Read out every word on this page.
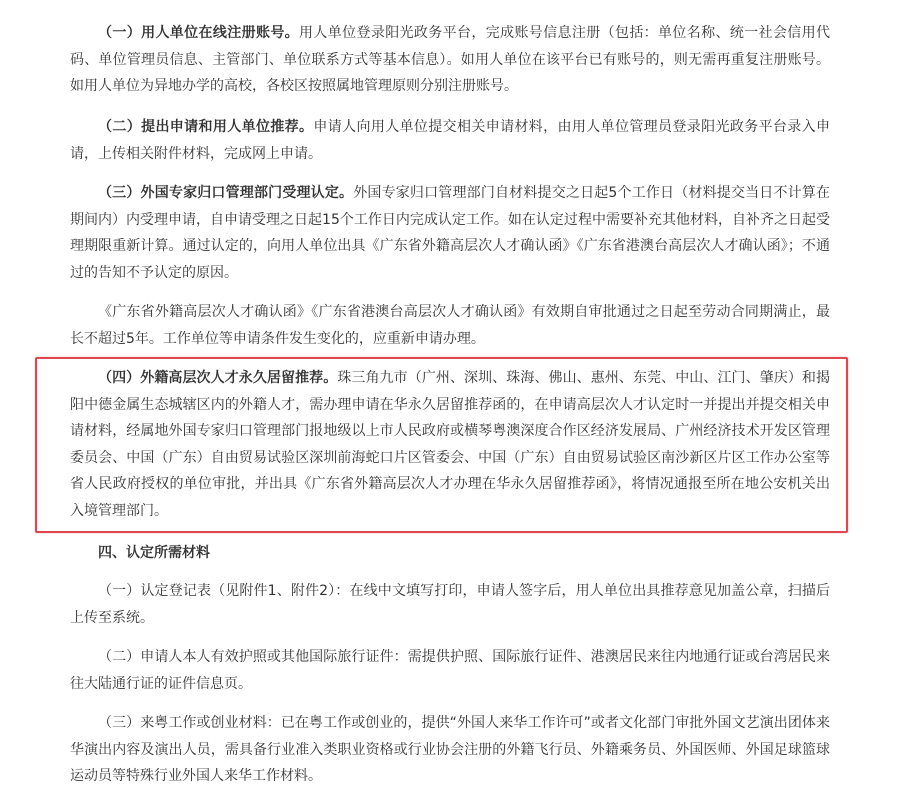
（一）用人单位在线注册账号。用人单位登录阳光政务平台，完成账号信息注册（包括：单位名称、统一社会信用代码、单位管理员信息、主管部门、单位联系方式等基本信息）。如用人单位在该平台已有账号的，则无需再重复注册账号。如用人单位为异地办学的高校，各校区按照属地管理原则分别注册账号。

（二）提出申请和用人单位推荐。申请人向用人单位提交相关申请材料，由用人单位管理员登录阳光政务平台录入申请，上传相关附件材料，完成网上申请。

（三）外国专家归口管理部门受理认定。外国专家归口管理部门自材料提交之日起5个工作日（材料提交当日不计算在期间内）内受理申请，自申请受理之日起15个工作日内完成认定工作。如在认定过程中需要补充其他材料，自补齐之日起受理期限重新计算。通过认定的，向用人单位出具《广东省外籍高层次人才确认函》《广东省港澳台高层次人才确认函》；不通过的告知不予认定的原因。

《广东省外籍高层次人才确认函》《广东省港澳台高层次人才确认函》有效期自审批通过之日起至劳动合同期满止，最长不超过5年。工作单位等申请条件发生变化的，应重新申请办理。

（四）外籍高层次人才永久居留推荐。珠三角九市（广州、深圳、珠海、佛山、惠州、东莞、中山、江门、肇庆）和揭阳中德金属生态城辖区内的外籍人才，需办理申请在华永久居留推荐函的，在申请高层次人才认定时一并提出并提交相关申请材料，经属地外国专家归口管理部门报地级以上市人民政府或横琴粤澳深度合作区经济发展局、广州经济技术开发区管理委员会、中国（广东）自由贸易试验区深圳前海蛇口片区管委会、中国（广东）自由贸易试验区南沙新区片区工作办公室等省人民政府授权的单位审批，并出具《广东省外籍高层次人才办理在华永久居留推荐函》，将情况通报至所在地公安机关出入境管理部门。

四、认定所需材料

（一）认定登记表（见附件1、附件2）：在线中文填写打印，申请人签字后，用人单位出具推荐意见加盖公章，扫描后上传至系统。

（二）申请人本人有效护照或其他国际旅行证件：需提供护照、国际旅行证件、港澳居民来往内地通行证或台湾居民来往大陆通行证的证件信息页。

（三）来粤工作或创业材料：已在粤工作或创业的，提供“外国人来华工作许可”或者文化部门审批外国文艺演出团体来华演出内容及演出人员，需具备行业准入类职业资格或行业协会注册的外籍飞行员、外籍乘务员、外国医师、外国足球篮球运动员等特殊行业外国人来华工作材料。
